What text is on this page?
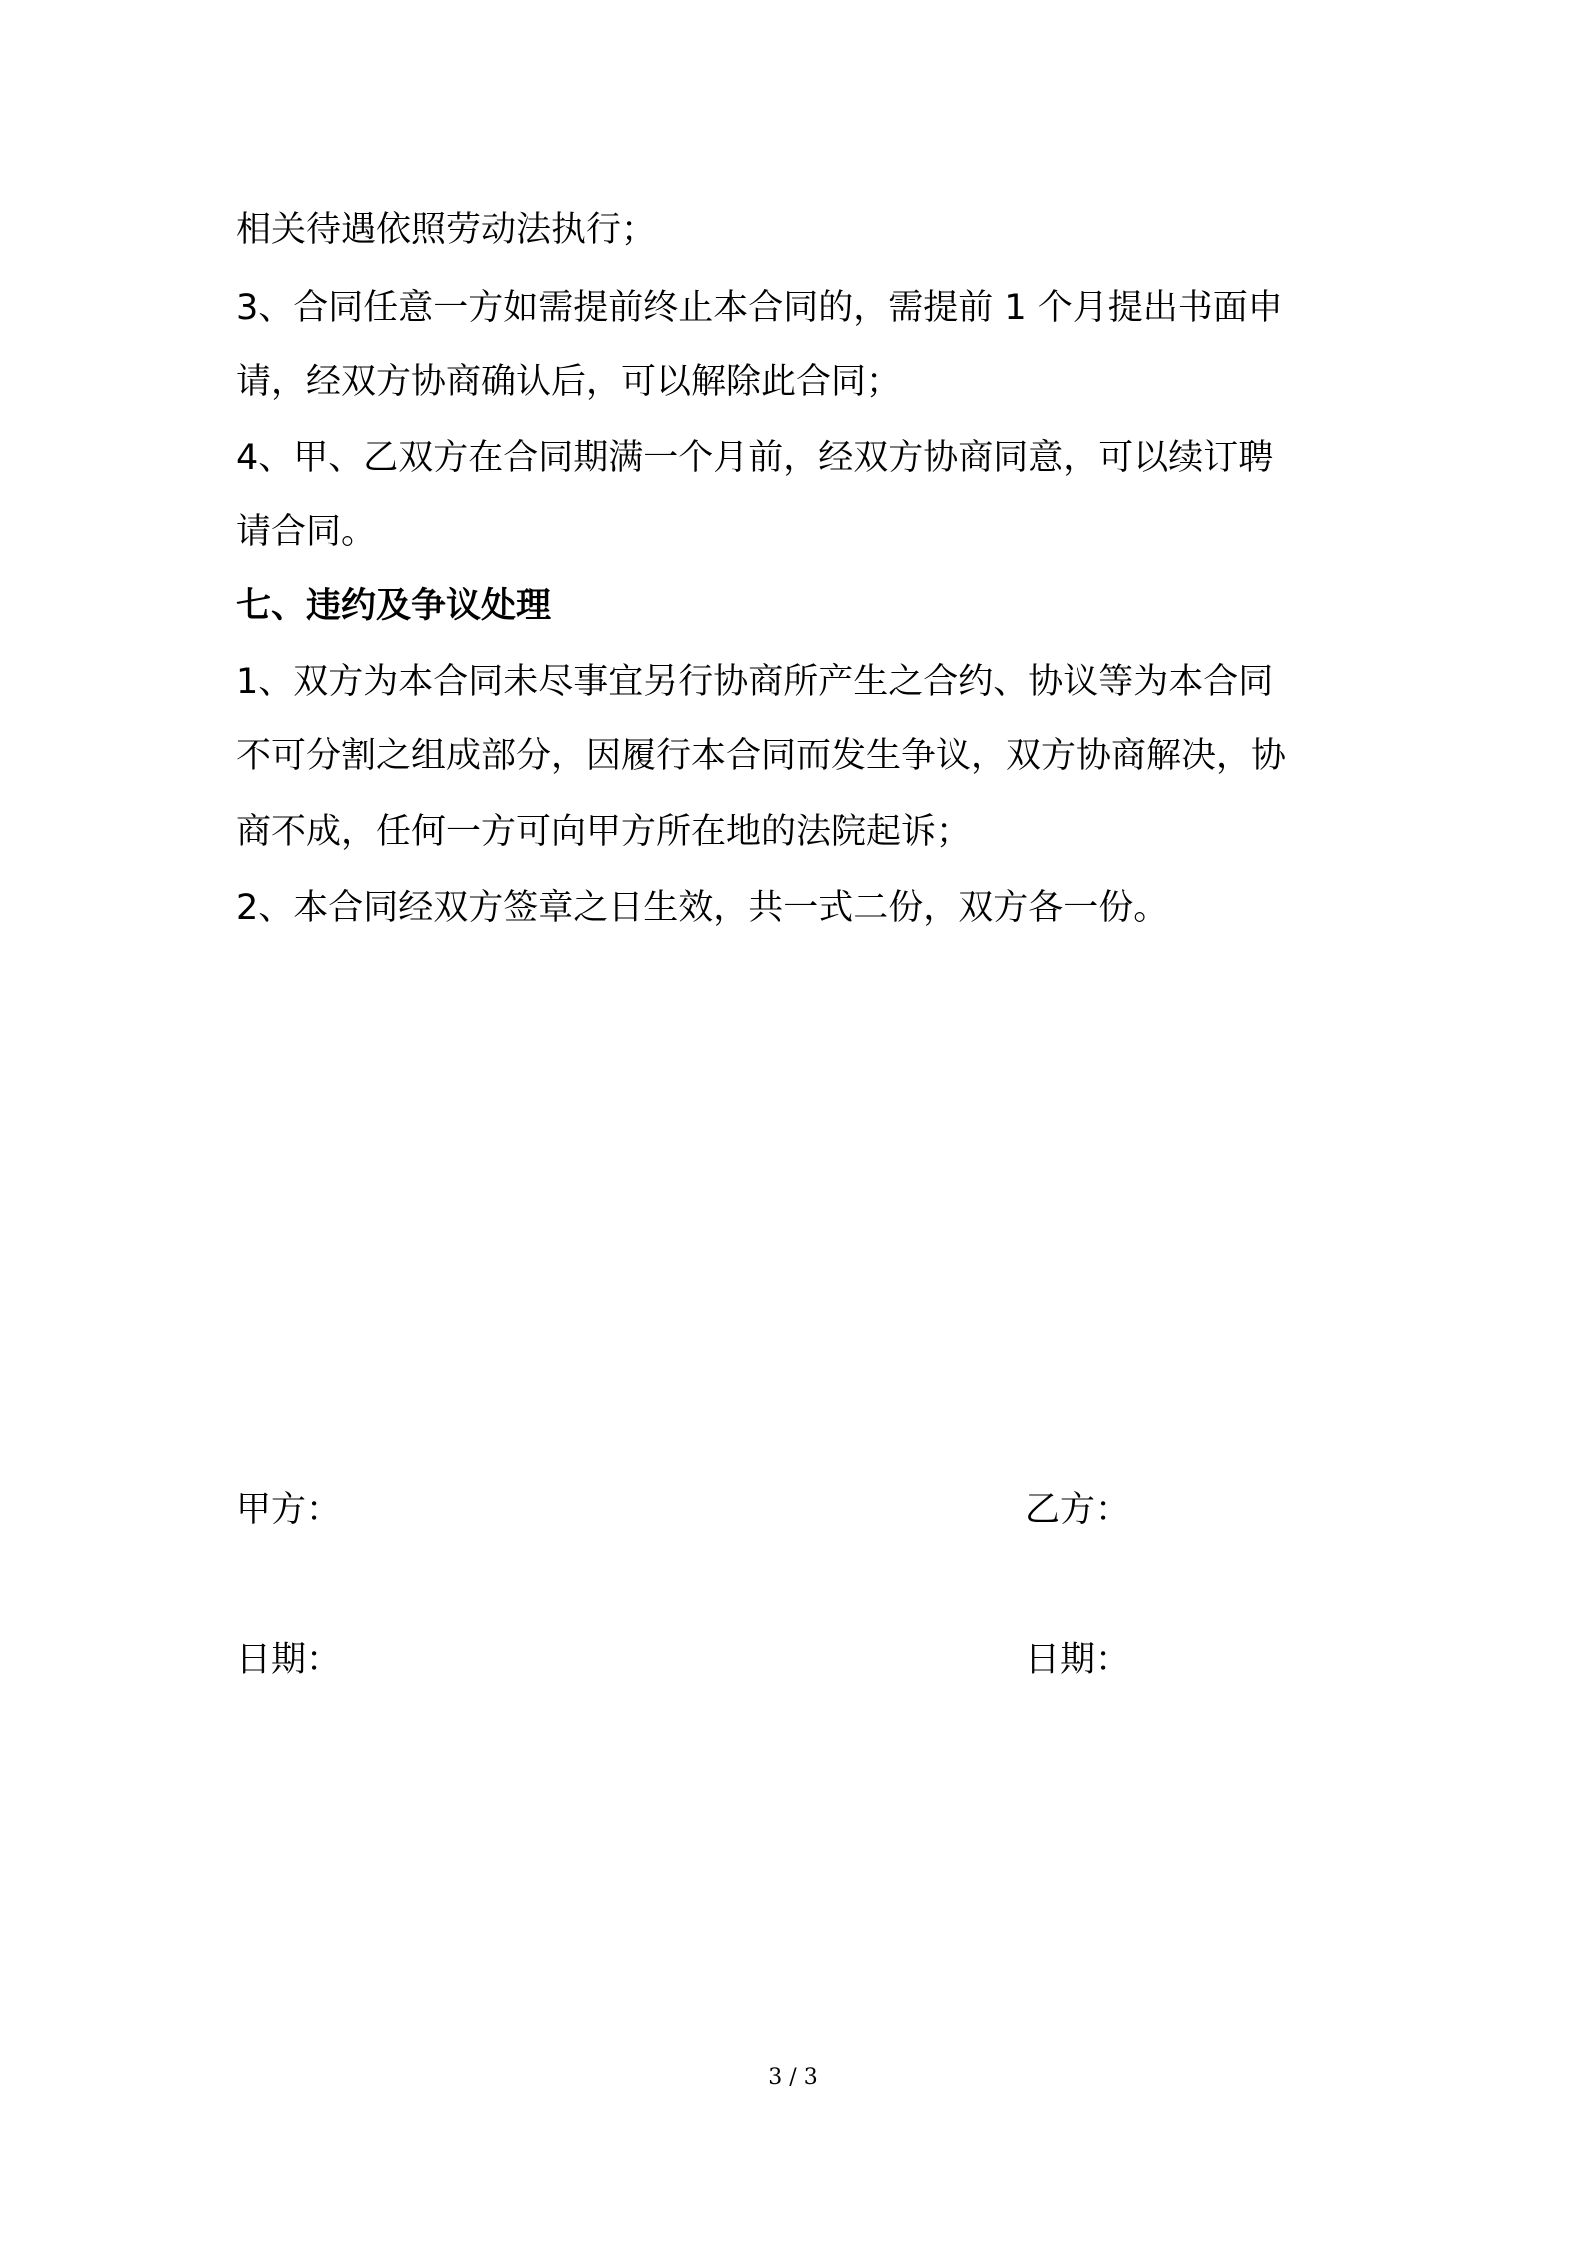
相关待遇依照劳动法执行；
3、合同任意一方如需提前终止本合同的，需提前 1 个月提出书面申
请，经双方协商确认后，可以解除此合同；
4、甲、乙双方在合同期满一个月前，经双方协商同意，可以续订聘
请合同。
七、违约及争议处理
1、双方为本合同未尽事宜另行协商所产生之合约、协议等为本合同
不可分割之组成部分，因履行本合同而发生争议，双方协商解决，协
商不成，任何一方可向甲方所在地的法院起诉；
2、本合同经双方签章之日生效，共一式二份，双方各一份。
甲方：	乙方：
日期：	日期：
3 / 3
